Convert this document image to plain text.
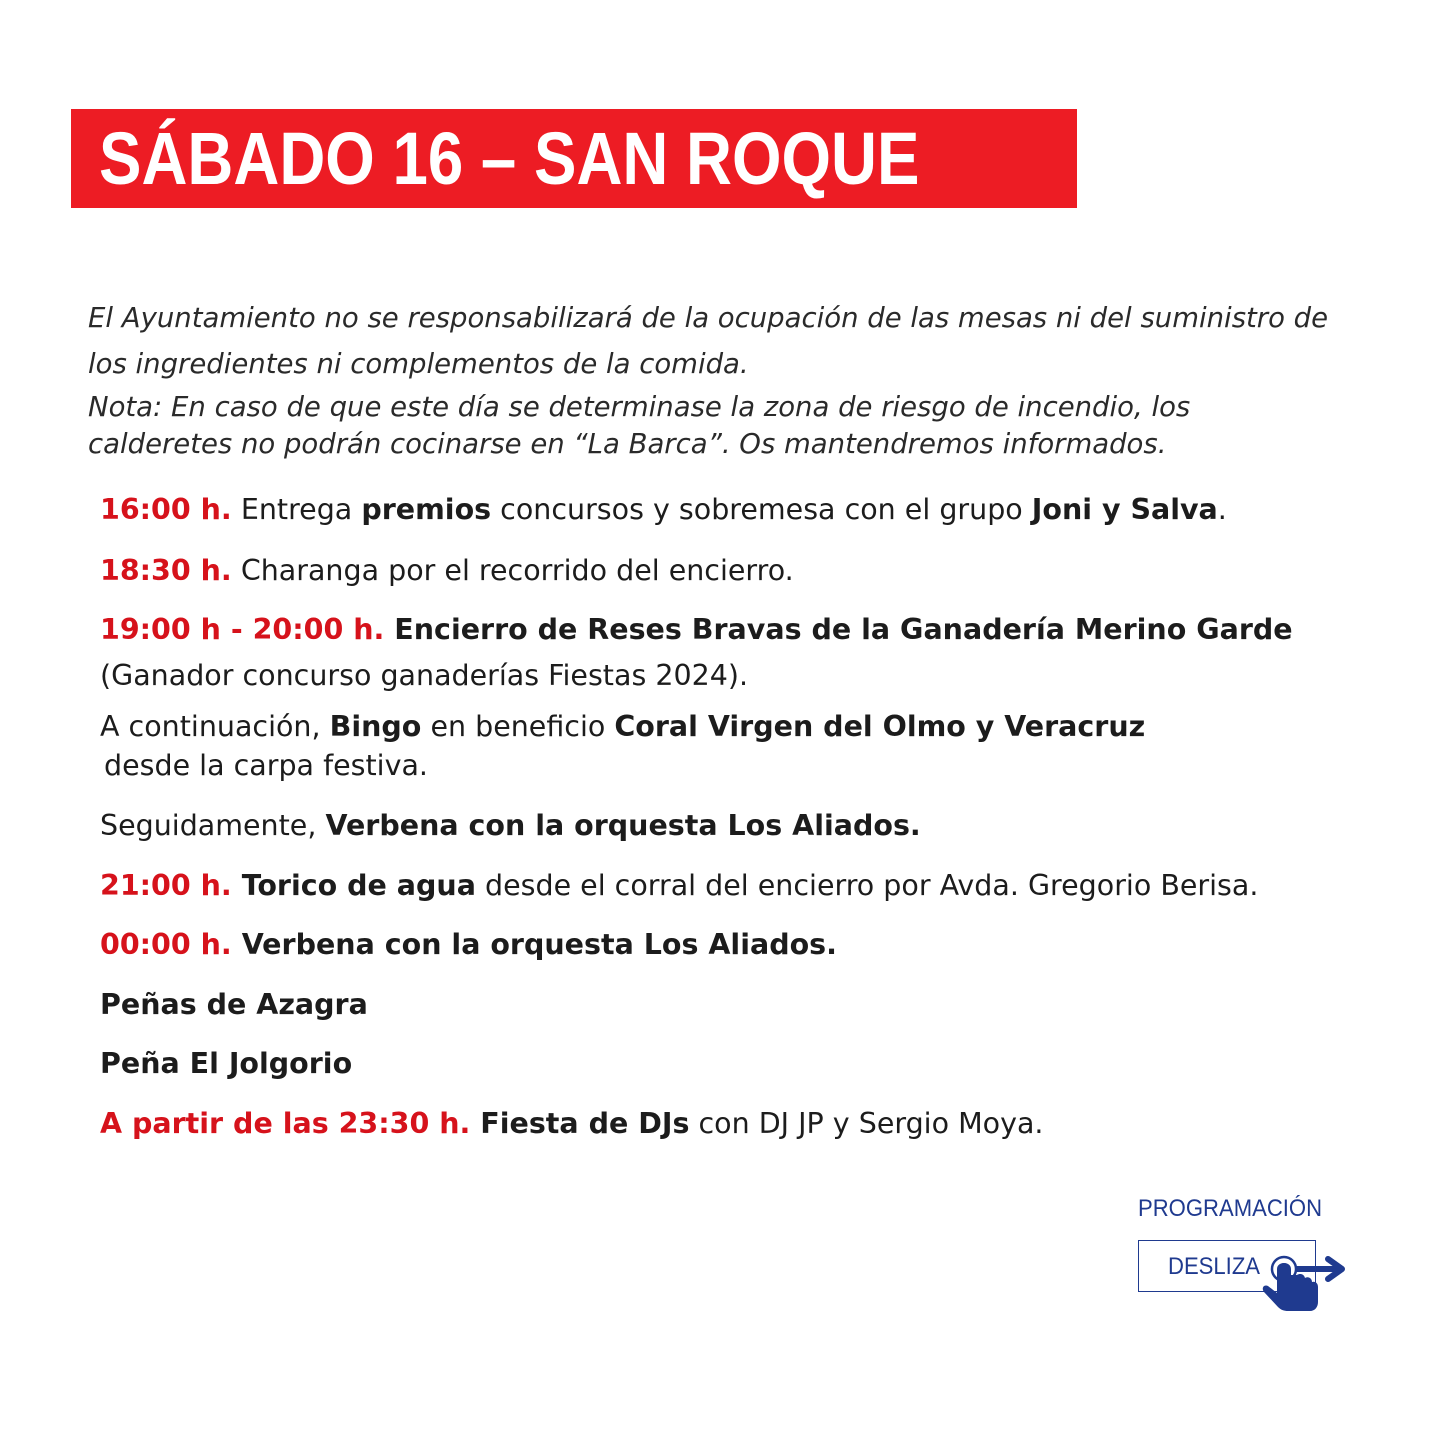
SÁBADO 16 – SAN ROQUE
El Ayuntamiento no se responsabilizará de la ocupación de las mesas ni del suministro de
los ingredientes ni complementos de la comida.
Nota: En caso de que este día se determinase la zona de riesgo de incendio, los
calderetes no podrán cocinarse en “La Barca”. Os mantendremos informados.
16:00 h. Entrega premios concursos y sobremesa con el grupo Joni y Salva.
18:30 h. Charanga por el recorrido del encierro.
19:00 h - 20:00 h. Encierro de Reses Bravas de la Ganadería Merino Garde
(Ganador concurso ganaderías Fiestas 2024).
A continuación, Bingo en beneficio Coral Virgen del Olmo y Veracruz
desde la carpa festiva.
Seguidamente, Verbena con la orquesta Los Aliados.
21:00 h. Torico de agua desde el corral del encierro por Avda. Gregorio Berisa.
00:00 h. Verbena con la orquesta Los Aliados.
Peñas de Azagra
Peña El Jolgorio
A partir de las 23:30 h. Fiesta de DJs con DJ JP y Sergio Moya.
PROGRAMACIÓN
DESLIZA
